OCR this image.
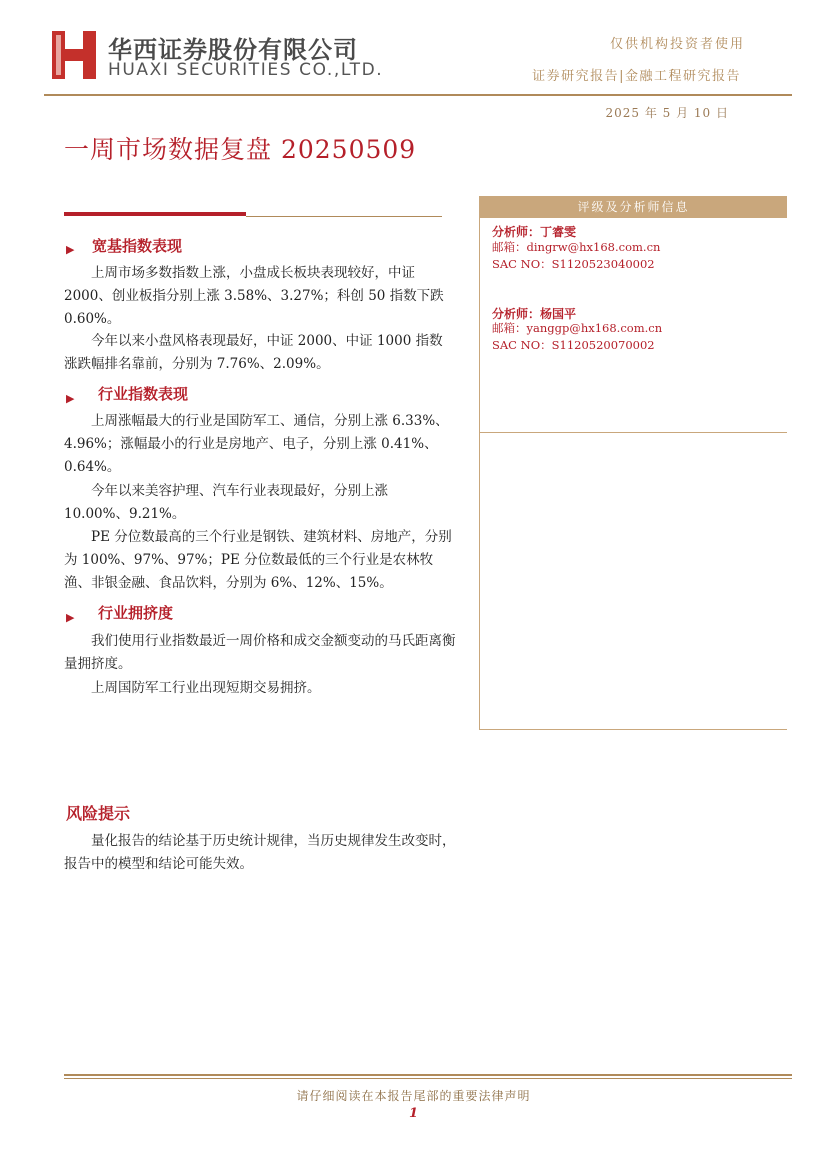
华西证券股份有限公司
HUAXI SECURITIES CO.,LTD.
仅供机构投资者使用
证券研究报告|金融工程研究报告
2025 年 5 月 10 日
一周市场数据复盘 20250509
▶ 宽基指数表现
上周市场多数指数上涨，小盘成长板块表现较好，中证 2000、创业板指分别上涨 3.58%、3.27%；科创 50 指数下跌 0.60%。
今年以来小盘风格表现最好，中证 2000、中证 1000 指数涨跌幅排名靠前，分别为 7.76%、2.09%。
▶ 行业指数表现
上周涨幅最大的行业是国防军工、通信，分别上涨 6.33%、4.96%；涨幅最小的行业是房地产、电子，分别上涨 0.41%、0.64%。
今年以来美容护理、汽车行业表现最好，分别上涨 10.00%、9.21%。
PE 分位数最高的三个行业是钢铁、建筑材料、房地产，分别为 100%、97%、97%；PE 分位数最低的三个行业是农林牧渔、非银金融、食品饮料，分别为 6%、12%、15%。
▶ 行业拥挤度
我们使用行业指数最近一周价格和成交金额变动的马氏距离衡量拥挤度。
上周国防军工行业出现短期交易拥挤。
风险提示
量化报告的结论基于历史统计规律，当历史规律发生改变时，报告中的模型和结论可能失效。
评级及分析师信息
分析师：丁睿雯
邮箱：dingrw@hx168.com.cn
SAC NO：S1120523040002
分析师：杨国平
邮箱：yanggp@hx168.com.cn
SAC NO：S1120520070002
请仔细阅读在本报告尾部的重要法律声明
1
